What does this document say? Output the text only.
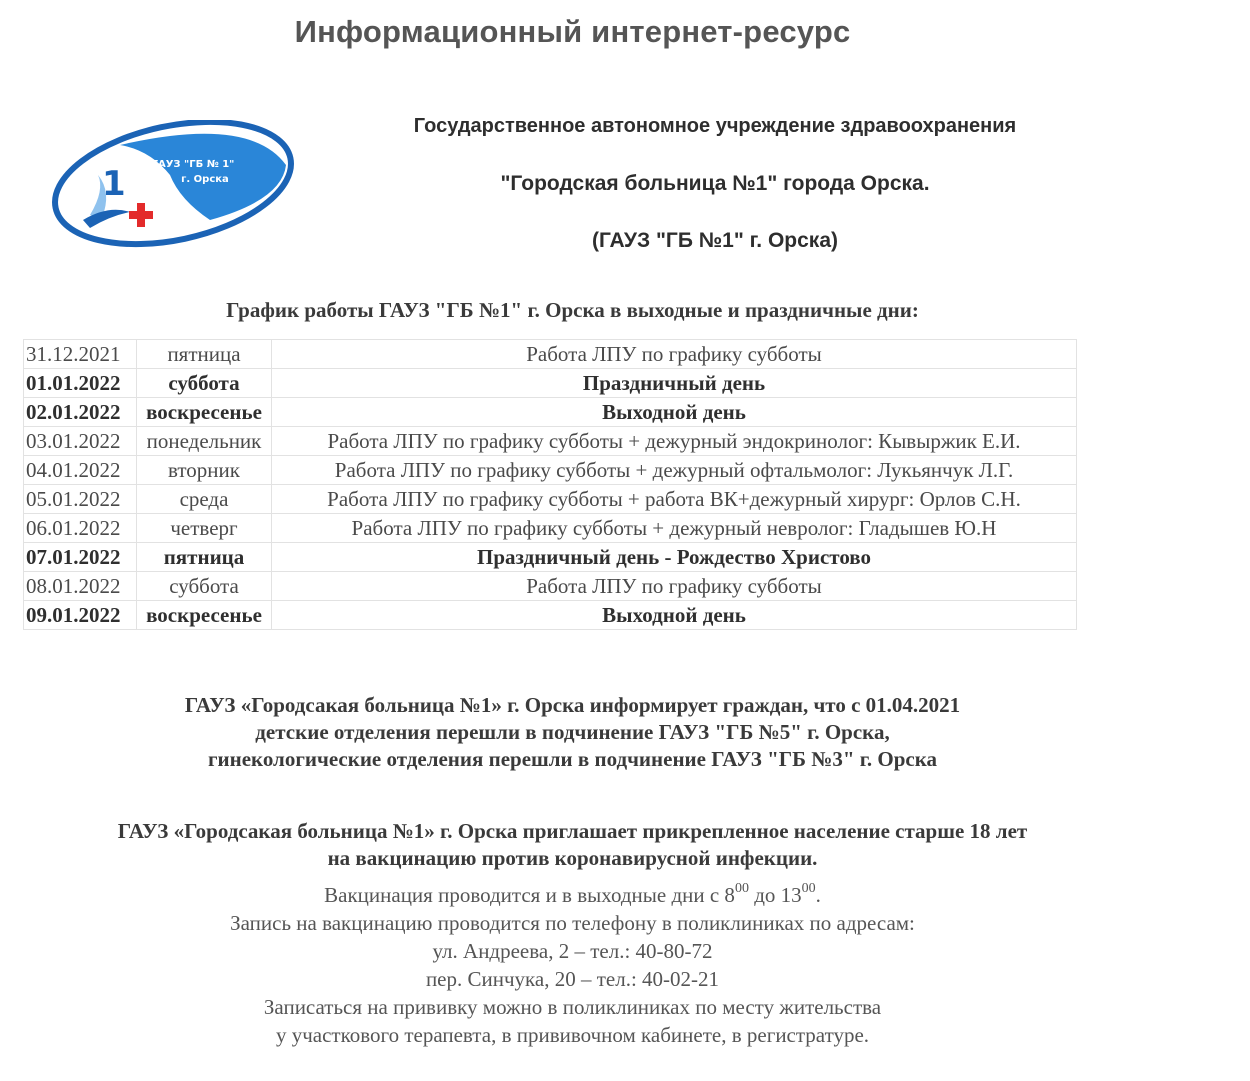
Информационный интернет-ресурс
1	ГАУЗ "ГБ № 1"
г. Орска
Государственное автономное учреждение здравоохранения
"Городская больница №1" города Орска.
(ГАУЗ "ГБ №1" г. Орска)
График работы ГАУЗ "ГБ №1" г. Орска в выходные и праздничные дни:
31.12.2021	пятница	Работа ЛПУ по графику субботы
01.01.2022	суббота	Праздничный день
02.01.2022	воскресенье	Выходной день
03.01.2022	понедельник	Работа ЛПУ по графику субботы + дежурный эндокринолог: Кывыржик Е.И.
04.01.2022	вторник	Работа ЛПУ по графику субботы + дежурный офтальмолог: Лукьянчук Л.Г.
05.01.2022	среда	Работа ЛПУ по графику субботы + работа ВК+дежурный хирург: Орлов С.Н.
06.01.2022	четверг	Работа ЛПУ по графику субботы + дежурный невролог: Гладышев Ю.Н
07.01.2022	пятница	Праздничный день - Рождество Христово
08.01.2022	суббота	Работа ЛПУ по графику субботы
09.01.2022	воскресенье	Выходной день
ГАУЗ «Городсакая больница №1» г. Орска информирует граждан, что с 01.04.2021
детские отделения перешли в подчинение ГАУЗ "ГБ №5" г. Орска,
гинекологические отделения перешли в подчинение ГАУЗ "ГБ №3" г. Орска
ГАУЗ «Городсакая больница №1» г. Орска приглашает прикрепленное население старше 18 лет
на вакцинацию против коронавирусной инфекции.
Вакцинация проводится и в выходные дни с $8^{00}$ до $13^{00}$.
Запись на вакцинацию проводится по телефону в поликлиниках по адресам:
ул. Андреева, 2 – тел.: 40-80-72
пер. Синчука, 20 – тел.: 40-02-21
Записаться на прививку можно в поликлиниках по месту жительства
у участкового терапевта, в прививочном кабинете, в регистратуре.
